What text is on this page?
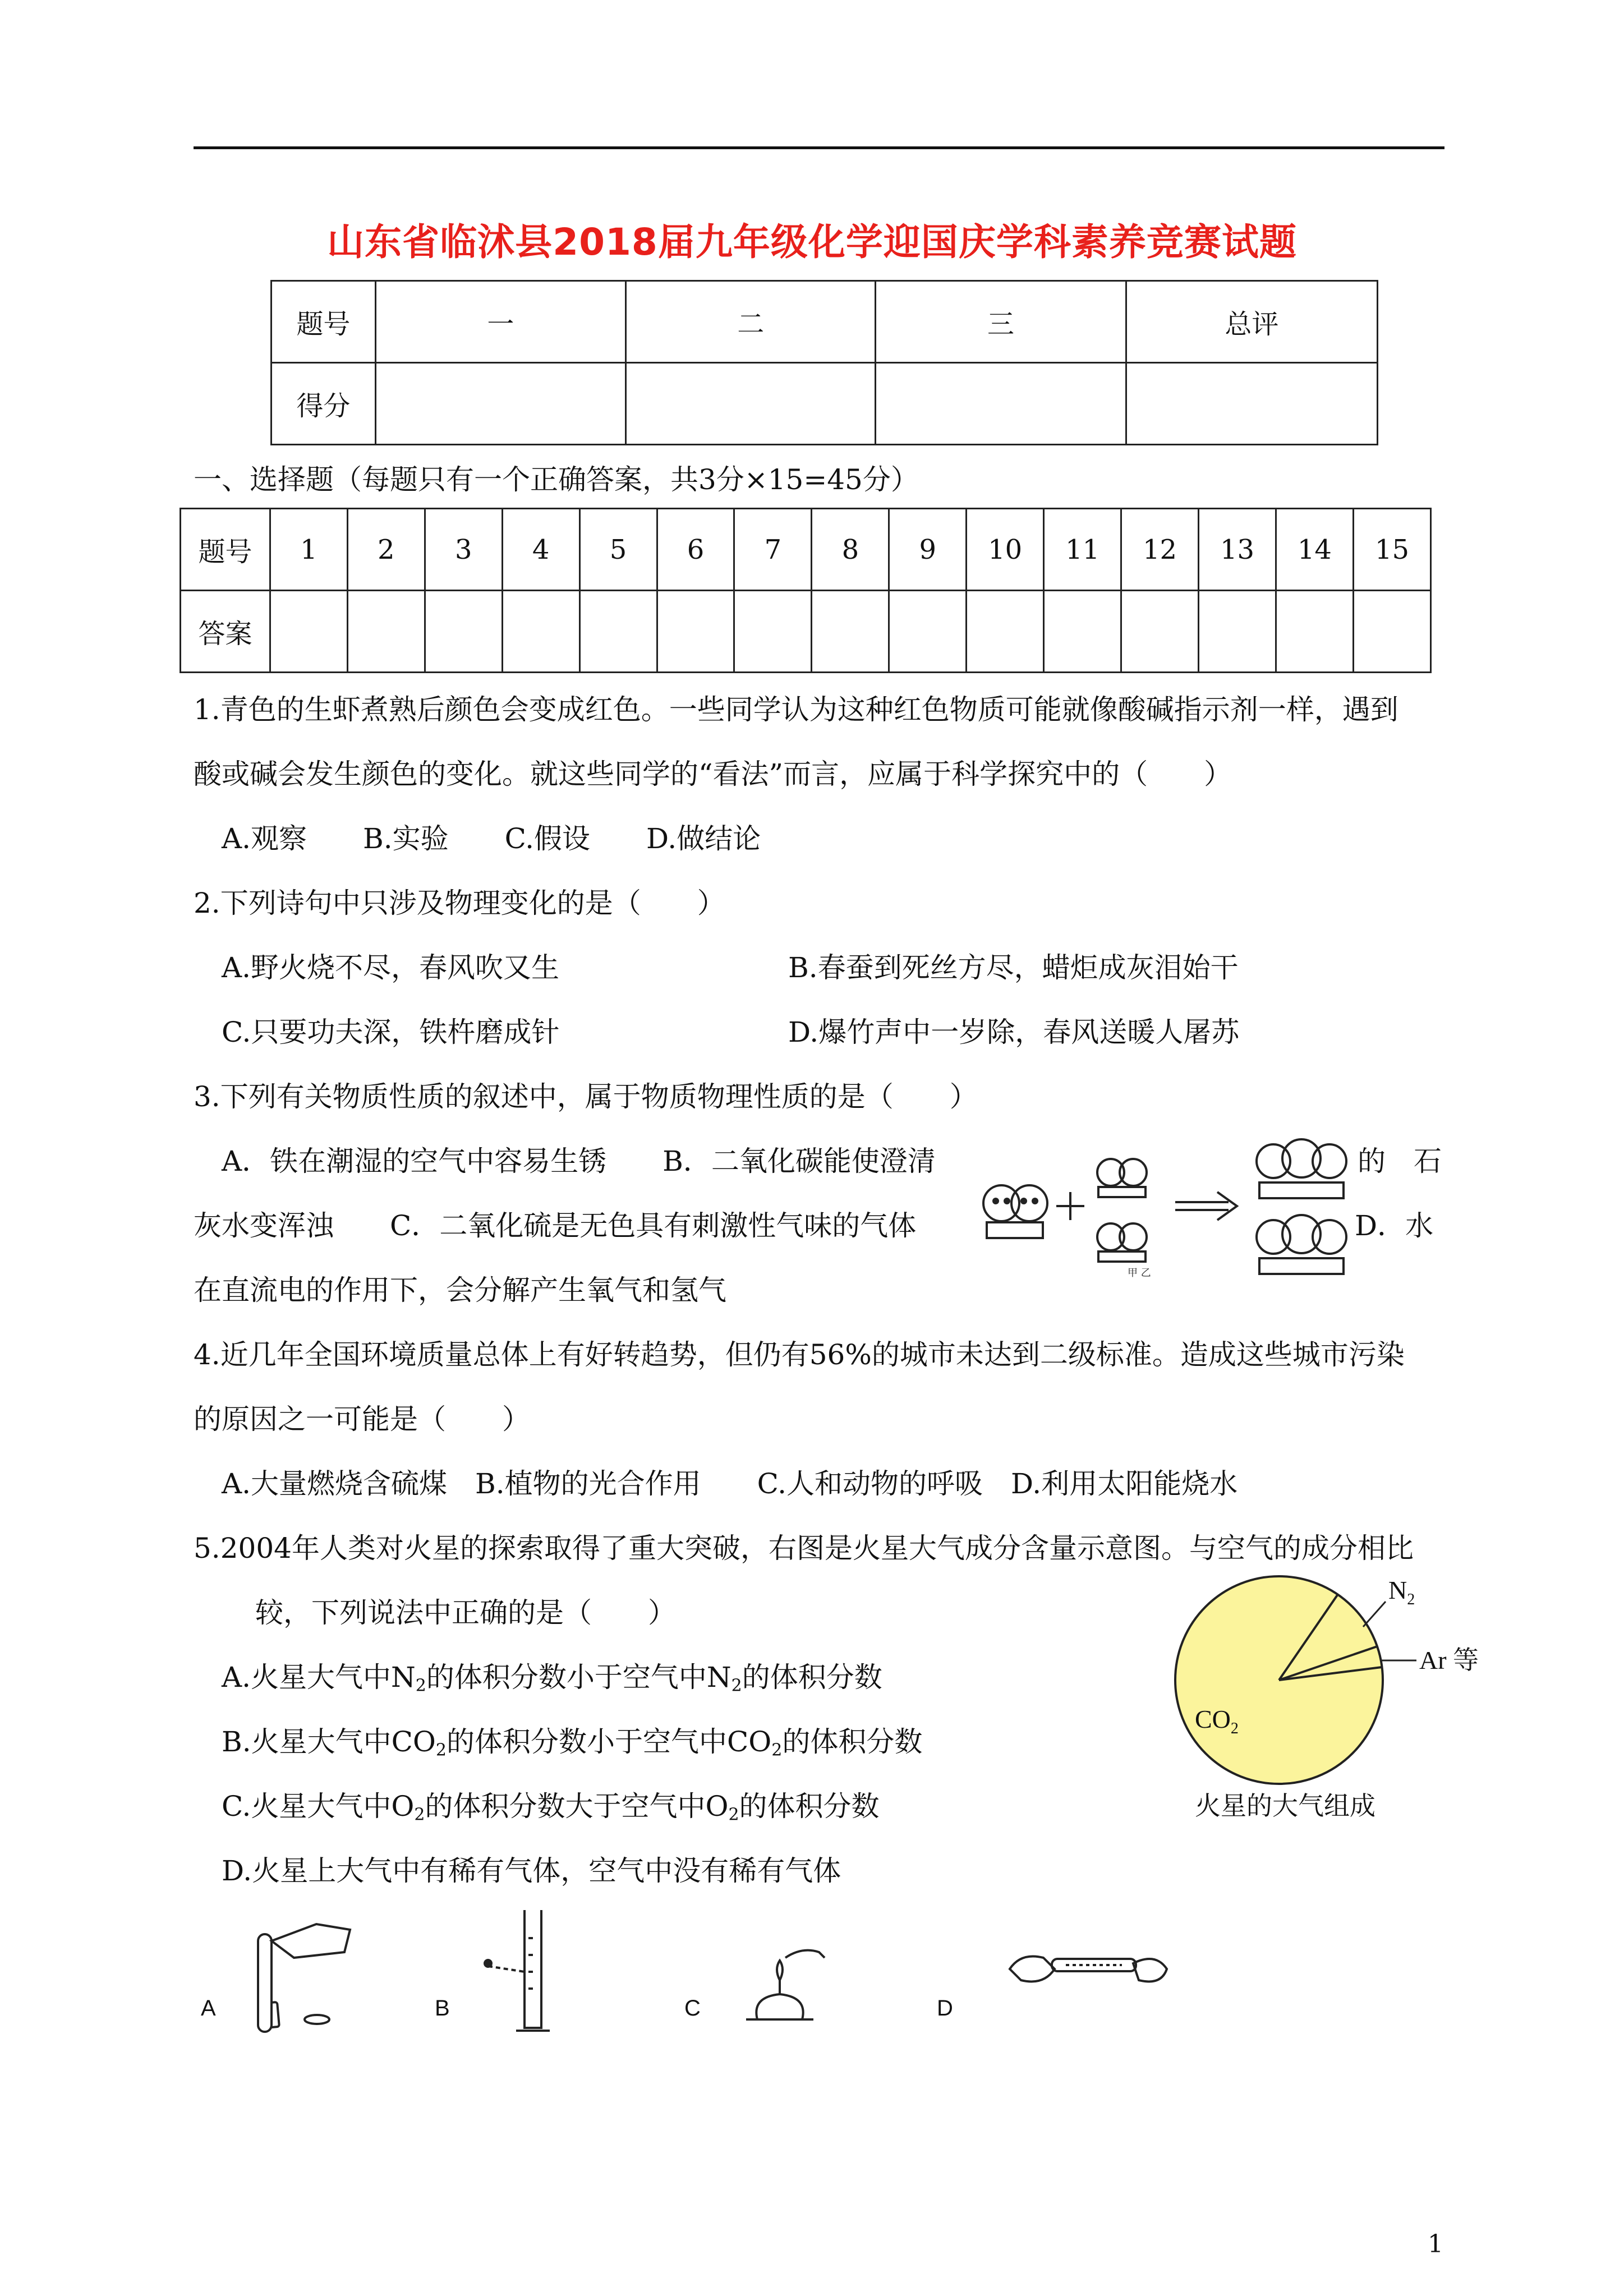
山东省临沭县2018届九年级化学迎国庆学科素养竞赛试题
题号	一	二	三	总评
得分				
一、选择题（每题只有一个正确答案，共3分×15=45分）
题号	1	2	3	4	5	6	7	8	9	10	11	12	13	14	15
答案															
1.青色的生虾煮熟后颜色会变成红色。一些同学认为这种红色物质可能就像酸碱指示剂一样，遇到
酸或碱会发生颜色的变化。就这些同学的“看法”而言，应属于科学探究中的（　　）
A.观察　　B.实验　　C.假设　　D.做结论
2.下列诗句中只涉及物理变化的是（　　）
A.野火烧不尽，春风吹又生	B.春蚕到死丝方尽，蜡炬成灰泪始干
C.只要功夫深，铁杵磨成针	D.爆竹声中一岁除，春风送暖人屠苏
3.下列有关物质性质的叙述中，属于物质物理性质的是（　　）
A．铁在潮湿的空气中容易生锈　　B．二氧化碳能使澄清	的　石
灰水变浑浊　　C．二氧化硫是无色具有刺激性气味的气体	D．水
在直流电的作用下，会分解产生氧气和氢气
甲 乙
4.近几年全国环境质量总体上有好转趋势，但仍有56%的城市未达到二级标准。造成这些城市污染
的原因之一可能是（　　）
A.大量燃烧含硫煤　B.植物的光合作用　　C.人和动物的呼吸　D.利用太阳能烧水
5.2004年人类对火星的探索取得了重大突破，右图是火星大气成分含量示意图。与空气的成分相比
较，下列说法中正确的是（　　）
A.火星大气中$N_2$的体积分数小于空气中$N_2$的体积分数
B.火星大气中$CO_2$的体积分数小于空气中$CO_2$的体积分数
C.火星大气中$O_2$的体积分数大于空气中$O_2$的体积分数
D.火星上大气中有稀有气体，空气中没有稀有气体
$N_2$
Ar 等
$CO_2$
火星的大气组成
A	B	C	D
1
